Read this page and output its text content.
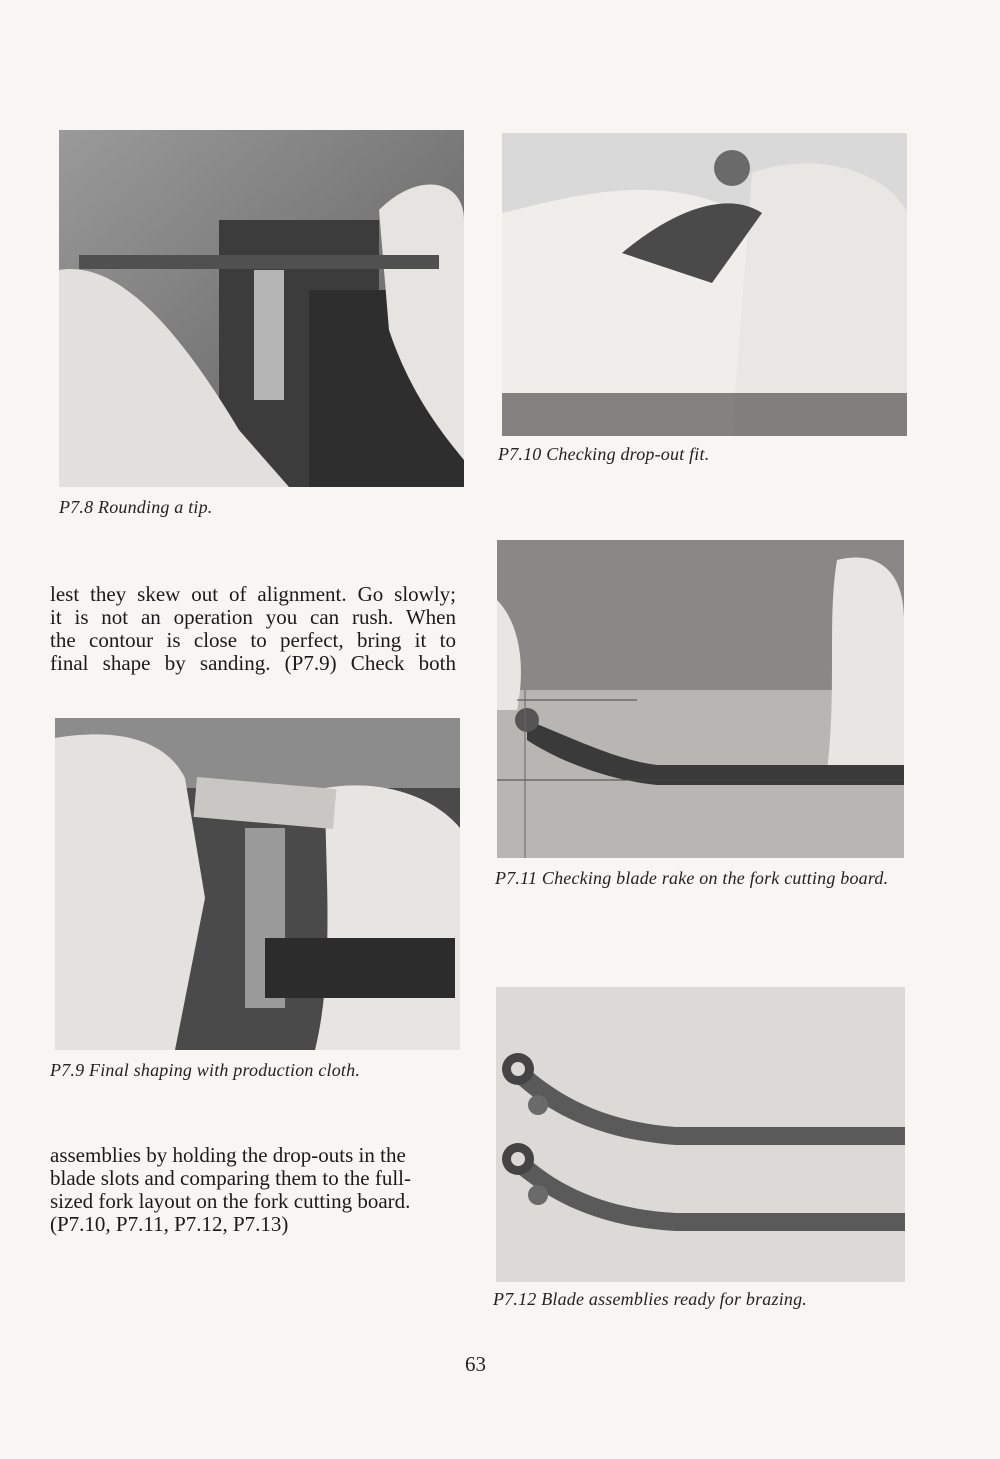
P7.8 Rounding a tip.
P7.10 Checking drop-out fit.
lest they skew out of alignment. Go slowly;
it is not an operation you can rush. When
the contour is close to perfect, bring it to
final shape by sanding. (P7.9) Check both
P7.11 Checking blade rake on the fork cutting board.
P7.9 Final shaping with production cloth.
P7.12 Blade assemblies ready for brazing.
assemblies by holding the drop-outs in the
blade slots and comparing them to the full-
sized fork layout on the fork cutting board.
(P7.10, P7.11, P7.12, P7.13)
63
